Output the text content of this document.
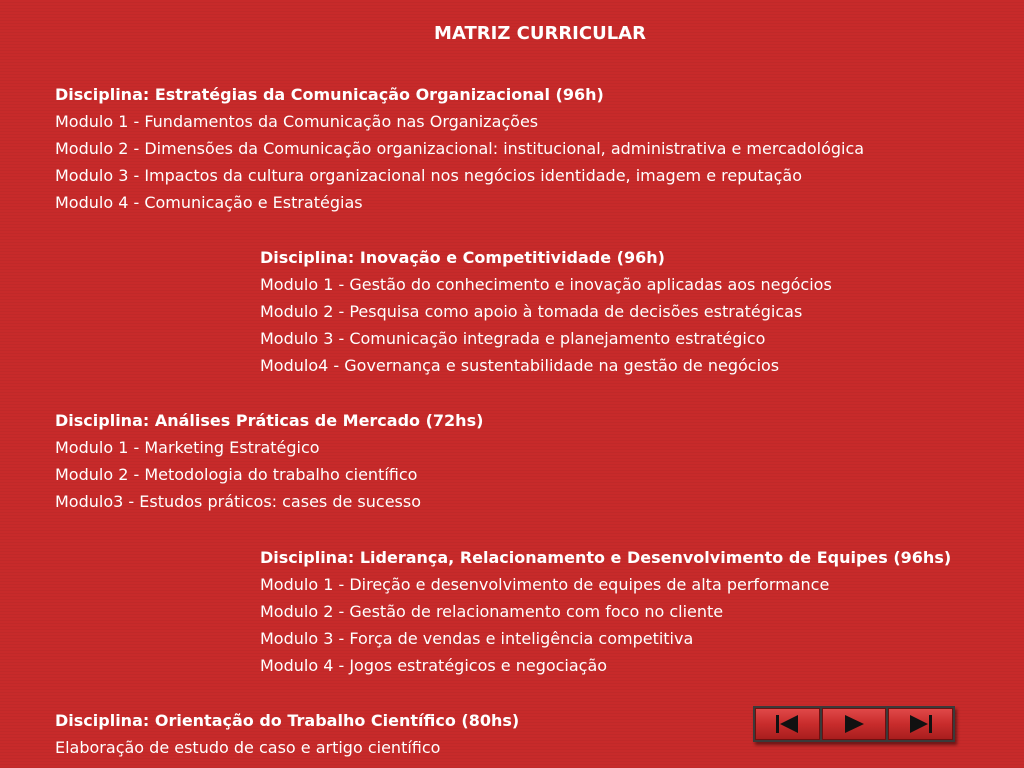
MATRIZ CURRICULAR
Disciplina: Estratégias da Comunicação Organizacional (96h)
Modulo 1 - Fundamentos da Comunicação nas Organizações
Modulo 2 - Dimensões da Comunicação organizacional: institucional, administrativa e mercadológica
Modulo 3 - Impactos da cultura organizacional nos negócios identidade, imagem e reputação
Modulo 4 - Comunicação e Estratégias
Disciplina: Inovação e Competitividade (96h)
Modulo 1 - Gestão do conhecimento e inovação aplicadas aos negócios
Modulo 2 - Pesquisa como apoio à tomada de decisões estratégicas
Modulo 3 - Comunicação integrada e planejamento estratégico
Modulo4 - Governança e sustentabilidade na gestão de negócios
Disciplina: Análises Práticas de Mercado (72hs)
Modulo 1 - Marketing Estratégico
Modulo 2 - Metodologia do trabalho científico
Modulo3 - Estudos práticos: cases de sucesso
Disciplina: Liderança, Relacionamento e Desenvolvimento de Equipes (96hs)
Modulo 1 - Direção e desenvolvimento de equipes de alta performance
Modulo 2 - Gestão de relacionamento com foco no cliente
Modulo 3 - Força de vendas e inteligência competitiva
Modulo 4 - Jogos estratégicos e negociação
Disciplina: Orientação do Trabalho Científico (80hs)
Elaboração de estudo de caso e artigo científico
